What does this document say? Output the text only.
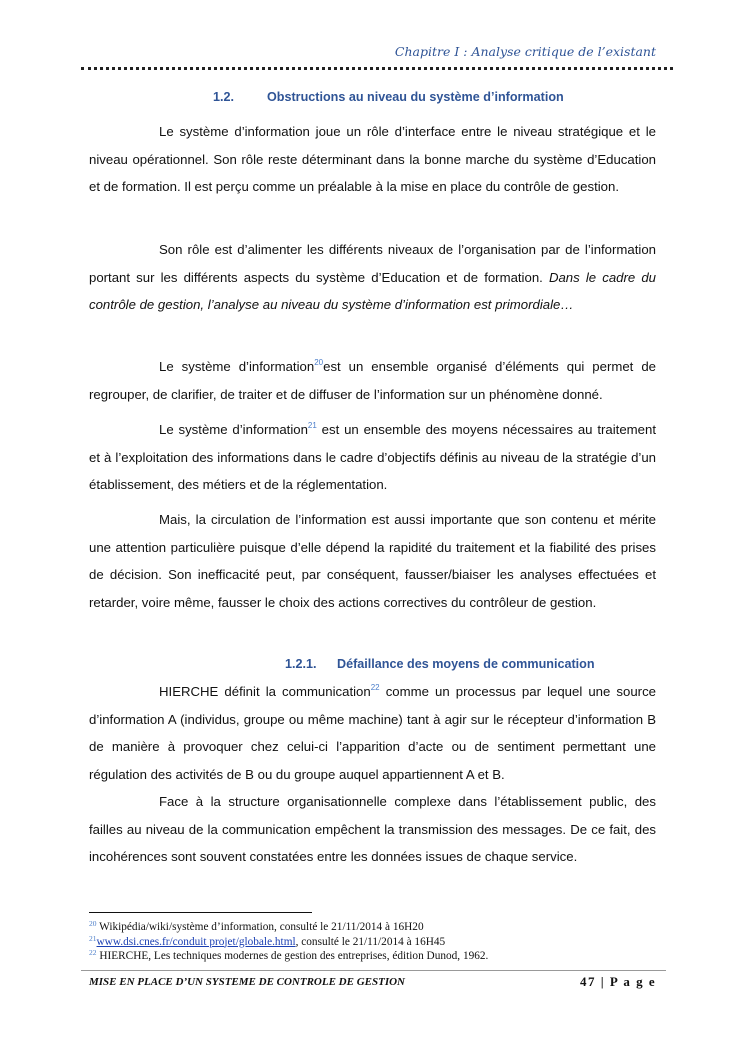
Chapitre I : Analyse critique de l’existant
1.2.	Obstructions au niveau du système d’information

Le système d’information joue un rôle d’interface entre le niveau stratégique et le niveau opérationnel. Son rôle reste déterminant dans la bonne marche du système d’Education et de formation. Il est perçu comme un préalable à la mise en place du contrôle de gestion.

Son rôle est d’alimenter les différents niveaux de l’organisation par de l’information portant sur les différents aspects du système d’Education et de formation. Dans le cadre du contrôle de gestion, l’analyse au niveau du système d’information est primordiale…

Le système d’information$^{20}$est un ensemble organisé d’éléments qui permet de regrouper, de clarifier, de traiter et de diffuser de l’information sur un phénomène donné.

Le système d’information$^{21}$ est un ensemble des moyens nécessaires au traitement et à l’exploitation des informations dans le cadre d’objectifs définis au niveau de la stratégie d’un établissement, des métiers et de la réglementation.

Mais, la circulation de l’information est aussi importante que son contenu et mérite une attention particulière puisque d’elle dépend la rapidité du traitement et la fiabilité des prises de décision. Son inefficacité peut, par conséquent, fausser/biaiser les analyses effectuées et retarder, voire même, fausser le choix des actions correctives du contrôleur de gestion.

1.2.1. Défaillance des moyens de communication

HIERCHE définit la communication$^{22}$ comme un processus par lequel une source d’information A (individus, groupe ou même machine) tant à agir sur le récepteur d’information B de manière à provoquer chez celui-ci l’apparition d’acte ou de sentiment permettant une régulation des activités de B ou du groupe auquel appartiennent A et B.

Face à la structure organisationnelle complexe dans l’établissement public, des failles au niveau de la communication empêchent la transmission des messages. De ce fait, des incohérences sont souvent constatées entre les données issues de chaque service.

$^{20}$ Wikipédia/wiki/système d’information, consulté le 21/11/2014 à 16H20
$^{21}$www.dsi.cnes.fr/conduit projet/globale.html, consulté le 21/11/2014 à 16H45
$^{22}$ HIERCHE, Les techniques modernes de gestion des entreprises, édition Dunod, 1962.
MISE EN PLACE D’UN SYSTEME DE CONTROLE DE GESTION	47 | P a g e
